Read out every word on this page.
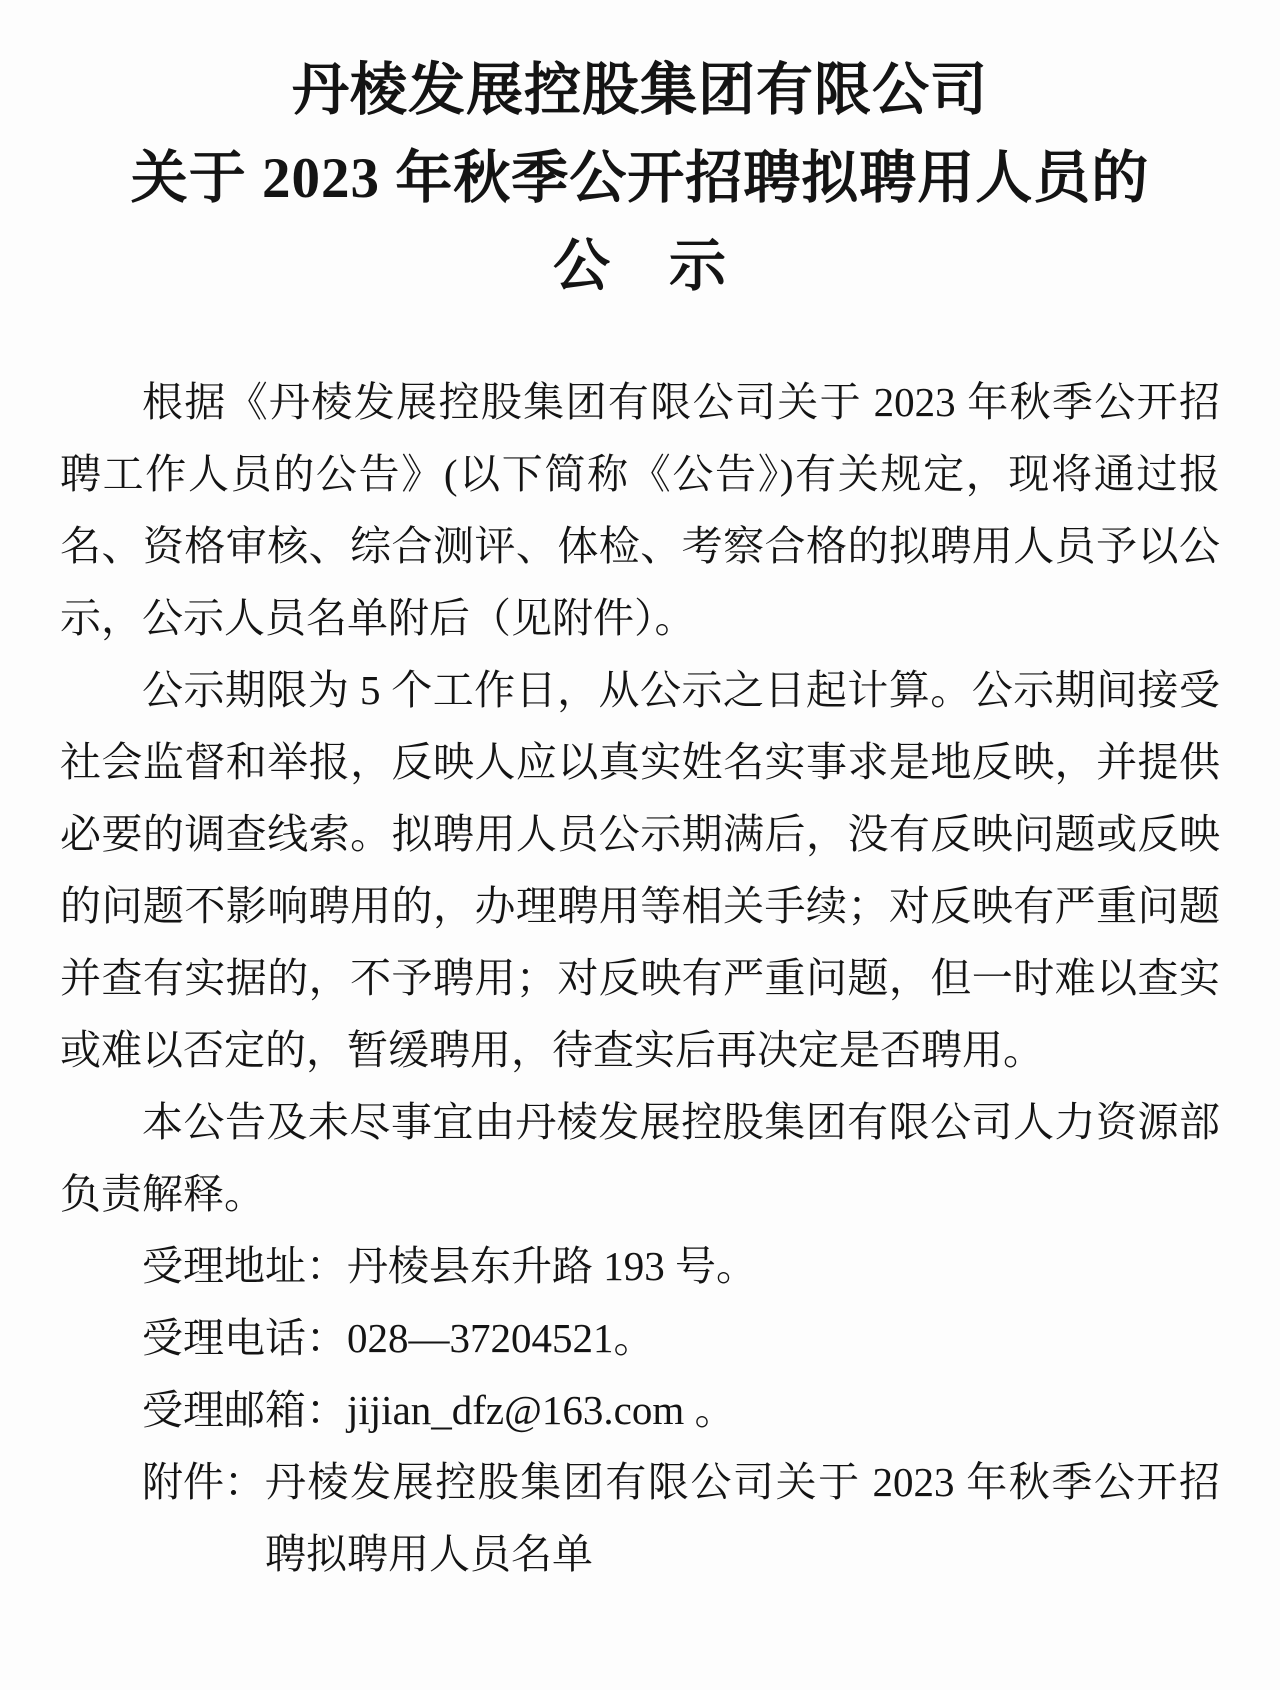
丹棱发展控股集团有限公司
关于 2023 年秋季公开招聘拟聘用人员的
公　示

根据《丹棱发展控股集团有限公司关于 2023 年秋季公开招聘工作人员的公告》(以下简称《公告》)有关规定，现将通过报名、资格审核、综合测评、体检、考察合格的拟聘用人员予以公示，公示人员名单附后（见附件）。

公示期限为 5 个工作日，从公示之日起计算。公示期间接受社会监督和举报，反映人应以真实姓名实事求是地反映，并提供必要的调查线索。拟聘用人员公示期满后，没有反映问题或反映的问题不影响聘用的，办理聘用等相关手续；对反映有严重问题并查有实据的，不予聘用；对反映有严重问题，但一时难以查实或难以否定的，暂缓聘用，待查实后再决定是否聘用。

本公告及未尽事宜由丹棱发展控股集团有限公司人力资源部负责解释。

受理地址：丹棱县东升路 193 号。

受理电话：028—37204521。

受理邮箱：jijian_dfz@163.com 。

附件： 丹棱发展控股集团有限公司关于 2023 年秋季公开招聘拟聘用人员名单
